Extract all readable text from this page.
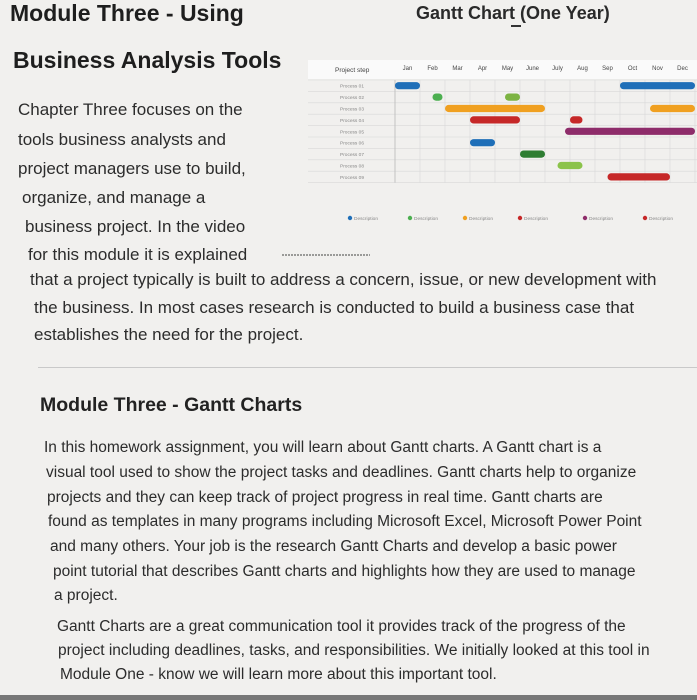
Module Three - Using
Business Analysis Tools
Gantt Chart (One Year)
Project step	Jan Feb Mar	Apr May June July Aug Sep Oct Nov Dec
Process 01
Process 02
Process 03
Process 04
Process 05
Process 06
Process 07
Process 08
Process 09
Description	Description	Description	Description	Description	Description
Chapter Three focuses on the
tools business analysts and
project managers use to build,
organize, and manage a
business project. In the video
for this module it is explained
that a project typically is built to address a concern, issue, or new development with
the business. In most cases research is conducted to build a business case that
establishes the need for the project.
Module Three - Gantt Charts
In this homework assignment, you will learn about Gantt charts. A Gantt chart is a
visual tool used to show the project tasks and deadlines. Gantt charts help to organize
projects and they can keep track of project progress in real time. Gantt charts are
found as templates in many programs including Microsoft Excel, Microsoft Power Point
and many others. Your job is the research Gantt Charts and develop a basic power
point tutorial that describes Gantt charts and highlights how they are used to manage
a project.
Gantt Charts are a great communication tool it provides track of the progress of the
project including deadlines, tasks, and responsibilities. We initially looked at this tool in
Module One - know we will learn more about this important tool.
